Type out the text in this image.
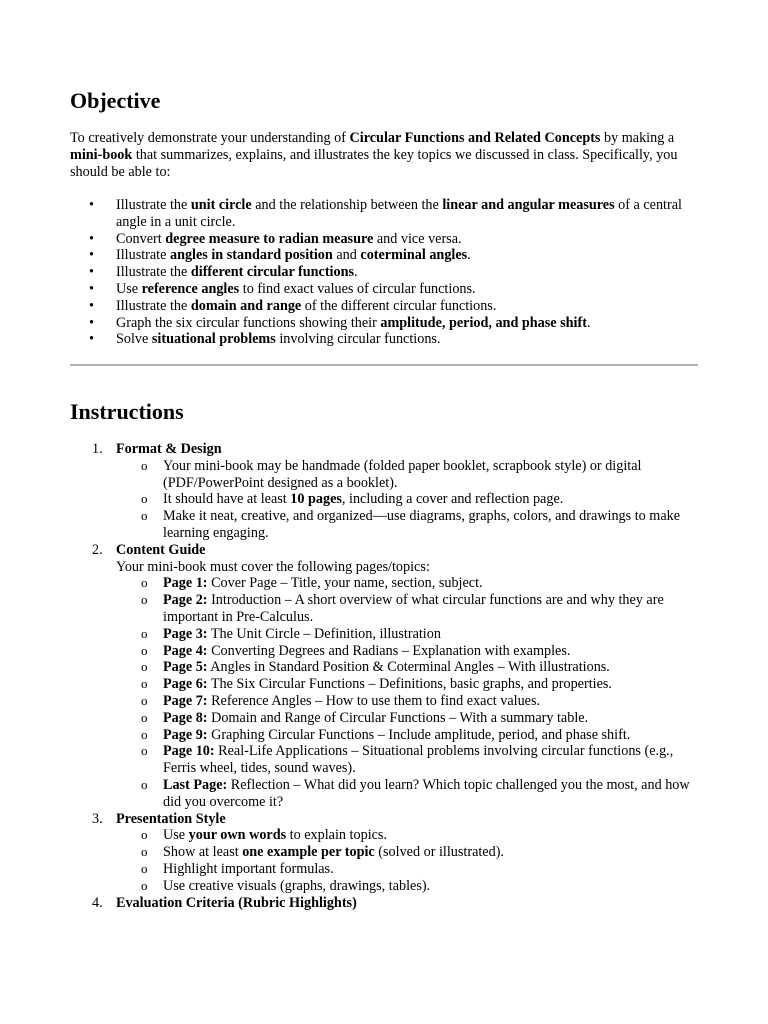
Objective
To creatively demonstrate your understanding of Circular Functions and Related Concepts by making a mini-book that summarizes, explains, and illustrates the key topics we discussed in class. Specifically, you should be able to:
• Illustrate the unit circle and the relationship between the linear and angular measures of a central angle in a unit circle.
• Convert degree measure to radian measure and vice versa.
• Illustrate angles in standard position and coterminal angles.
• Illustrate the different circular functions.
• Use reference angles to find exact values of circular functions.
• Illustrate the domain and range of the different circular functions.
• Graph the six circular functions showing their amplitude, period, and phase shift.
• Solve situational problems involving circular functions.
Instructions
1. Format & Design
o Your mini-book may be handmade (folded paper booklet, scrapbook style) or digital (PDF/PowerPoint designed as a booklet).
o It should have at least 10 pages, including a cover and reflection page.
o Make it neat, creative, and organized—use diagrams, graphs, colors, and drawings to make learning engaging.
2. Content Guide
Your mini-book must cover the following pages/topics:
o Page 1: Cover Page – Title, your name, section, subject.
o Page 2: Introduction – A short overview of what circular functions are and why they are important in Pre-Calculus.
o Page 3: The Unit Circle – Definition, illustration
o Page 4: Converting Degrees and Radians – Explanation with examples.
o Page 5: Angles in Standard Position & Coterminal Angles – With illustrations.
o Page 6: The Six Circular Functions – Definitions, basic graphs, and properties.
o Page 7: Reference Angles – How to use them to find exact values.
o Page 8: Domain and Range of Circular Functions – With a summary table.
o Page 9: Graphing Circular Functions – Include amplitude, period, and phase shift.
o Page 10: Real-Life Applications – Situational problems involving circular functions (e.g., Ferris wheel, tides, sound waves).
o Last Page: Reflection – What did you learn? Which topic challenged you the most, and how did you overcome it?
3. Presentation Style
o Use your own words to explain topics.
o Show at least one example per topic (solved or illustrated).
o Highlight important formulas.
o Use creative visuals (graphs, drawings, tables).
4. Evaluation Criteria (Rubric Highlights)
